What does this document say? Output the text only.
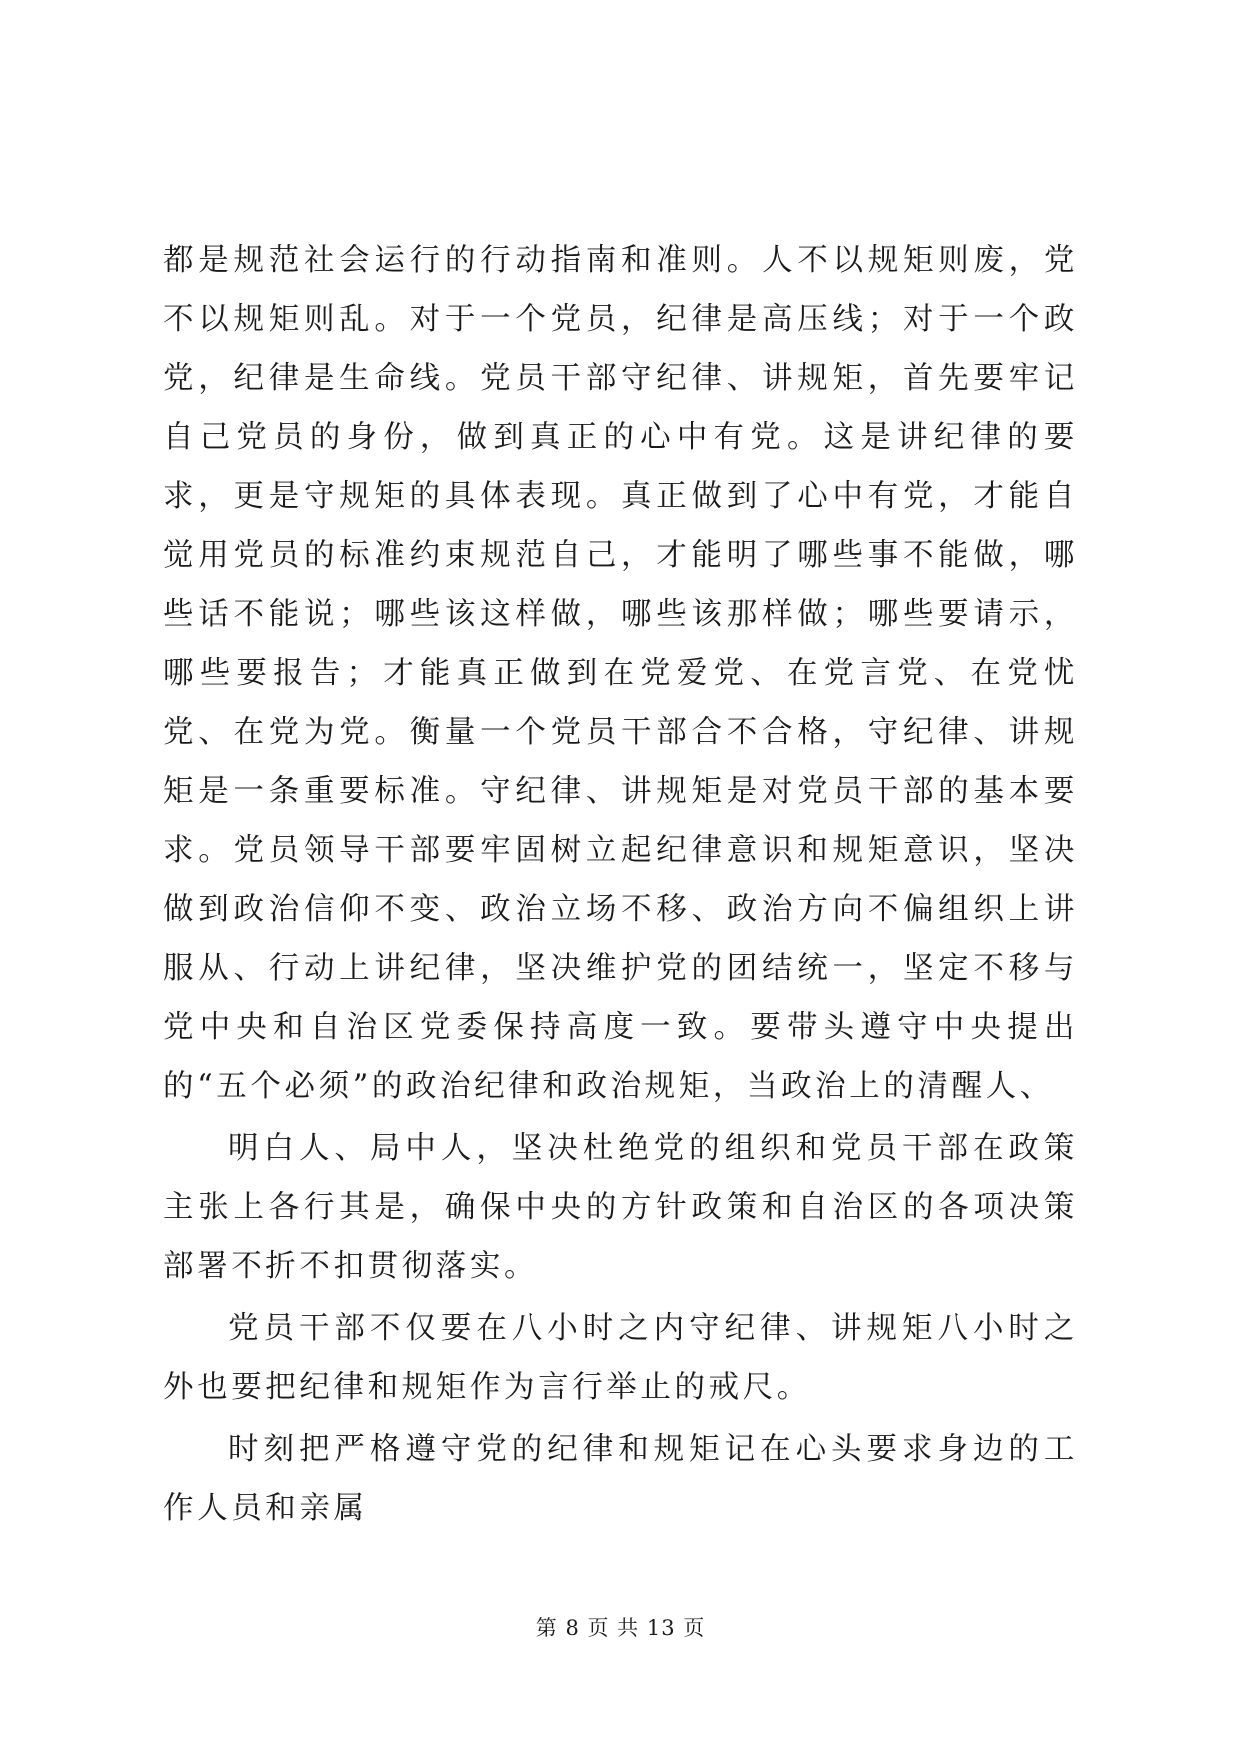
都是规范社会运行的行动指南和准则。人不以规矩则废，党不以规矩则乱。对于一个党员，纪律是高压线；对于一个政党，纪律是生命线。党员干部守纪律、讲规矩，首先要牢记自己党员的身份，做到真正的心中有党。这是讲纪律的要求，更是守规矩的具体表现。真正做到了心中有党，才能自觉用党员的标准约束规范自己，才能明了哪些事不能做，哪些话不能说；哪些该这样做，哪些该那样做；哪些要请示，哪些要报告；才能真正做到在党爱党、在党言党、在党忧党、在党为党。衡量一个党员干部合不合格，守纪律、讲规矩是一条重要标准。守纪律、讲规矩是对党员干部的基本要求。党员领导干部要牢固树立起纪律意识和规矩意识，坚决做到政治信仰不变、政治立场不移、政治方向不偏组织上讲服从、行动上讲纪律，坚决维护党的团结统一，坚定不移与党中央和自治区党委保持高度一致。要带头遵守中央提出的“五个必须”的政治纪律和政治规矩，当政治上的清醒人、

明白人、局中人，坚决杜绝党的组织和党员干部在政策主张上各行其是，确保中央的方针政策和自治区的各项决策部署不折不扣贯彻落实。

党员干部不仅要在八小时之内守纪律、讲规矩八小时之外也要把纪律和规矩作为言行举止的戒尺。

时刻把严格遵守党的纪律和规矩记在心头要求身边的工作人员和亲属

第 8 页 共 13 页
